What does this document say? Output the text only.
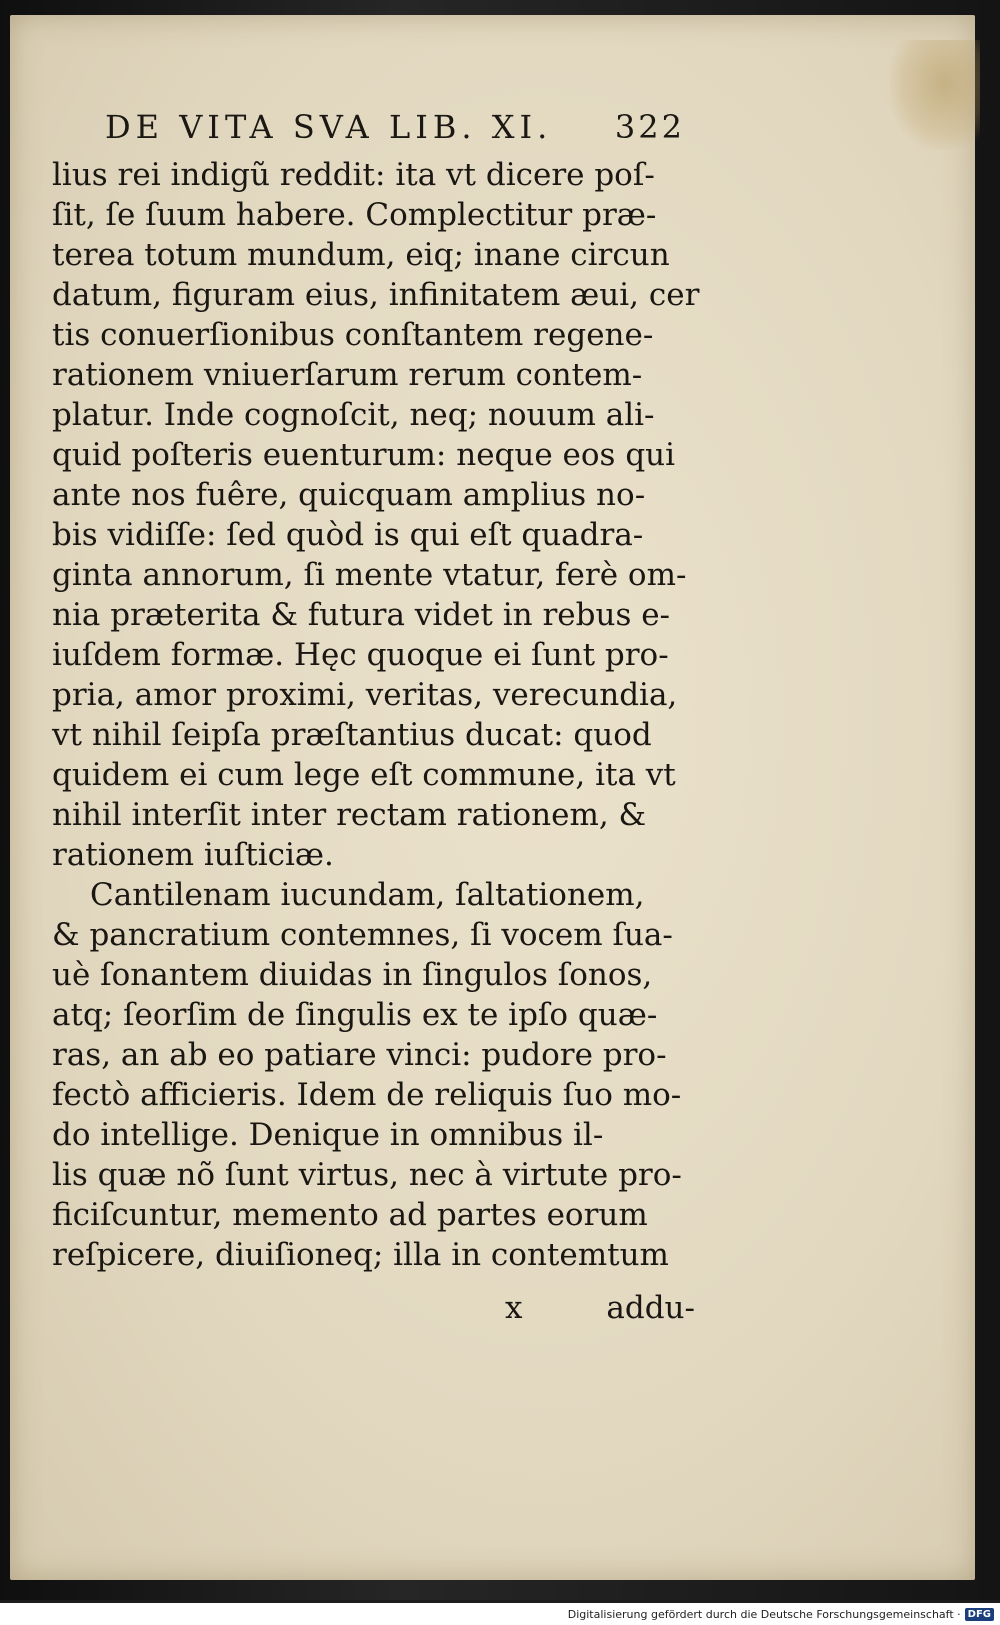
DE VITA SVA LIB. XI. 322
lius rei indigũ reddit: ita vt dicere poſ-
ſit, ſe ſuum habere. Complectitur præ-
terea totum mundum, eiq; inane circun
datum, figuram eius, infinitatem æui, cer
tis conuerſionibus conſtantem regene-
rationem vniuerſarum rerum contem-
platur. Inde cognoſcit, neq; nouum ali-
quid poſteris euenturum: neque eos qui
ante nos fuêre, quicquam amplius no-
bis vidiſſe: ſed quòd is qui eſt quadra-
ginta annorum, ſi mente vtatur, ferè om-
nia præterita & futura videt in rebus e-
iuſdem formæ. Hęc quoque ei ſunt pro-
pria, amor proximi, veritas, verecundia,
vt nihil ſeipſa præſtantius ducat: quod
quidem ei cum lege eſt commune, ita vt
nihil interſit inter rectam rationem, &
rationem iuſticiæ.
Cantilenam iucundam, ſaltationem,
& pancratium contemnes, ſi vocem ſua-
uè ſonantem diuidas in ſingulos ſonos,
atq; ſeorſim de ſingulis ex te ipſo quæ-
ras, an ab eo patiare vinci: pudore pro-
fectò afficieris. Idem de reliquis ſuo mo-
do intellige. Denique in omnibus il-
lis quæ nõ ſunt virtus, nec à virtute pro-
ficiſcuntur, memento ad partes eorum
reſpicere, diuiſioneq; illa in contemtum
x	addu-
Digitalisierung gefördert durch die Deutsche Forschungsgemeinschaft · DFG
